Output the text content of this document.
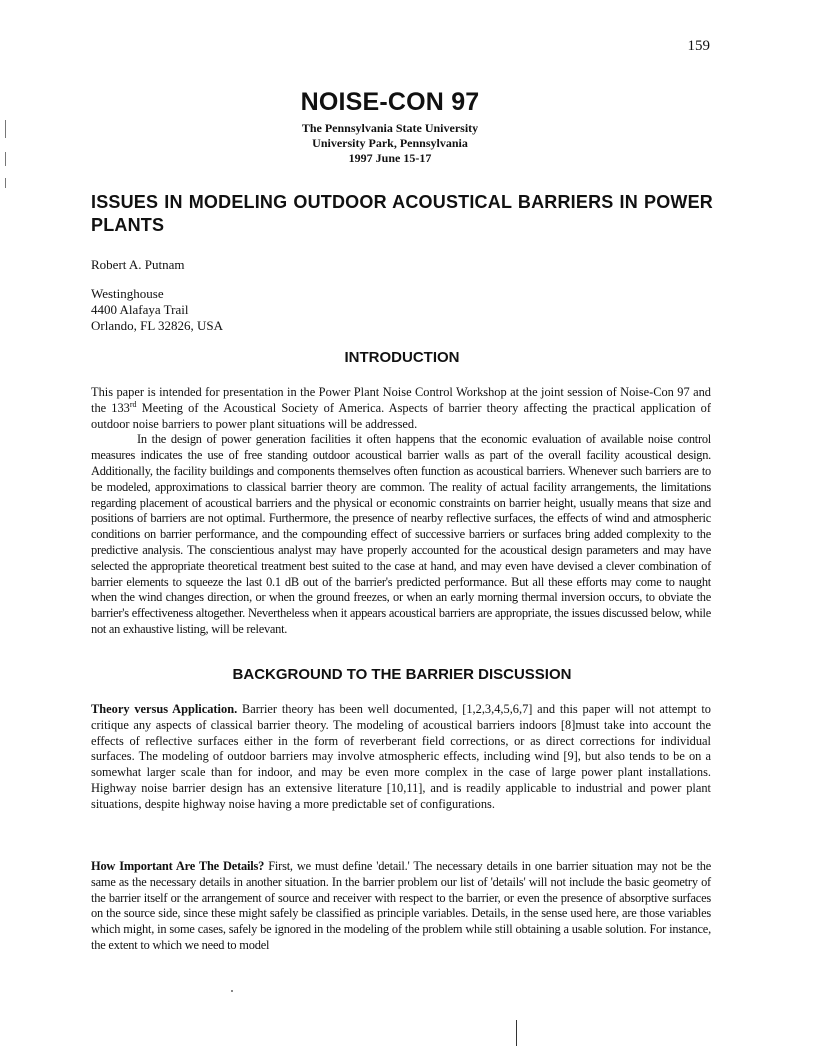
159
NOISE-CON 97
The Pennsylvania State University
University Park, Pennsylvania
1997 June 15-17
ISSUES IN MODELING OUTDOOR ACOUSTICAL BARRIERS IN POWER PLANTS
Robert A. Putnam
Westinghouse
4400 Alafaya Trail
Orlando, FL 32826, USA
INTRODUCTION

This paper is intended for presentation in the Power Plant Noise Control Workshop at the joint session of Noise-Con 97 and the 133rd Meeting of the Acoustical Society of America. Aspects of barrier theory affecting the practical application of outdoor noise barriers to power plant situations will be addressed.

In the design of power generation facilities it often happens that the economic evaluation of available noise control measures indicates the use of free standing outdoor acoustical barrier walls as part of the overall facility acoustical design. Additionally, the facility buildings and components themselves often function as acoustical barriers. Whenever such barriers are to be modeled, approximations to classical barrier theory are common. The reality of actual facility arrangements, the limitations regarding placement of acoustical barriers and the physical or economic constraints on barrier height, usually means that size and positions of barriers are not optimal. Furthermore, the presence of nearby reflective surfaces, the effects of wind and atmospheric conditions on barrier performance, and the compounding effect of successive barriers or surfaces bring added complexity to the predictive analysis. The conscientious analyst may have properly accounted for the acoustical design parameters and may have selected the appropriate theoretical treatment best suited to the case at hand, and may even have devised a clever combination of barrier elements to squeeze the last 0.1 dB out of the barrier's predicted performance. But all these efforts may come to naught when the wind changes direction, or when the ground freezes, or when an early morning thermal inversion occurs, to obviate the barrier's effectiveness altogether. Nevertheless when it appears acoustical barriers are appropriate, the issues discussed below, while not an exhaustive listing, will be relevant.

BACKGROUND TO THE BARRIER DISCUSSION

Theory versus Application. Barrier theory has been well documented, [1,2,3,4,5,6,7] and this paper will not attempt to critique any aspects of classical barrier theory. The modeling of acoustical barriers indoors [8]must take into account the effects of reflective surfaces either in the form of reverberant field corrections, or as direct corrections for individual surfaces. The modeling of outdoor barriers may involve atmospheric effects, including wind [9], but also tends to be on a somewhat larger scale than for indoor, and may be even more complex in the case of large power plant installations. Highway noise barrier design has an extensive literature [10,11], and is readily applicable to industrial and power plant situations, despite highway noise having a more predictable set of configurations.

How Important Are The Details? First, we must define 'detail.' The necessary details in one barrier situation may not be the same as the necessary details in another situation. In the barrier problem our list of 'details' will not include the basic geometry of the barrier itself or the arrangement of source and receiver with respect to the barrier, or even the presence of absorptive surfaces on the source side, since these might safely be classified as principle variables. Details, in the sense used here, are those variables which might, in some cases, safely be ignored in the modeling of the problem while still obtaining a usable solution. For instance, the extent to which we need to model
